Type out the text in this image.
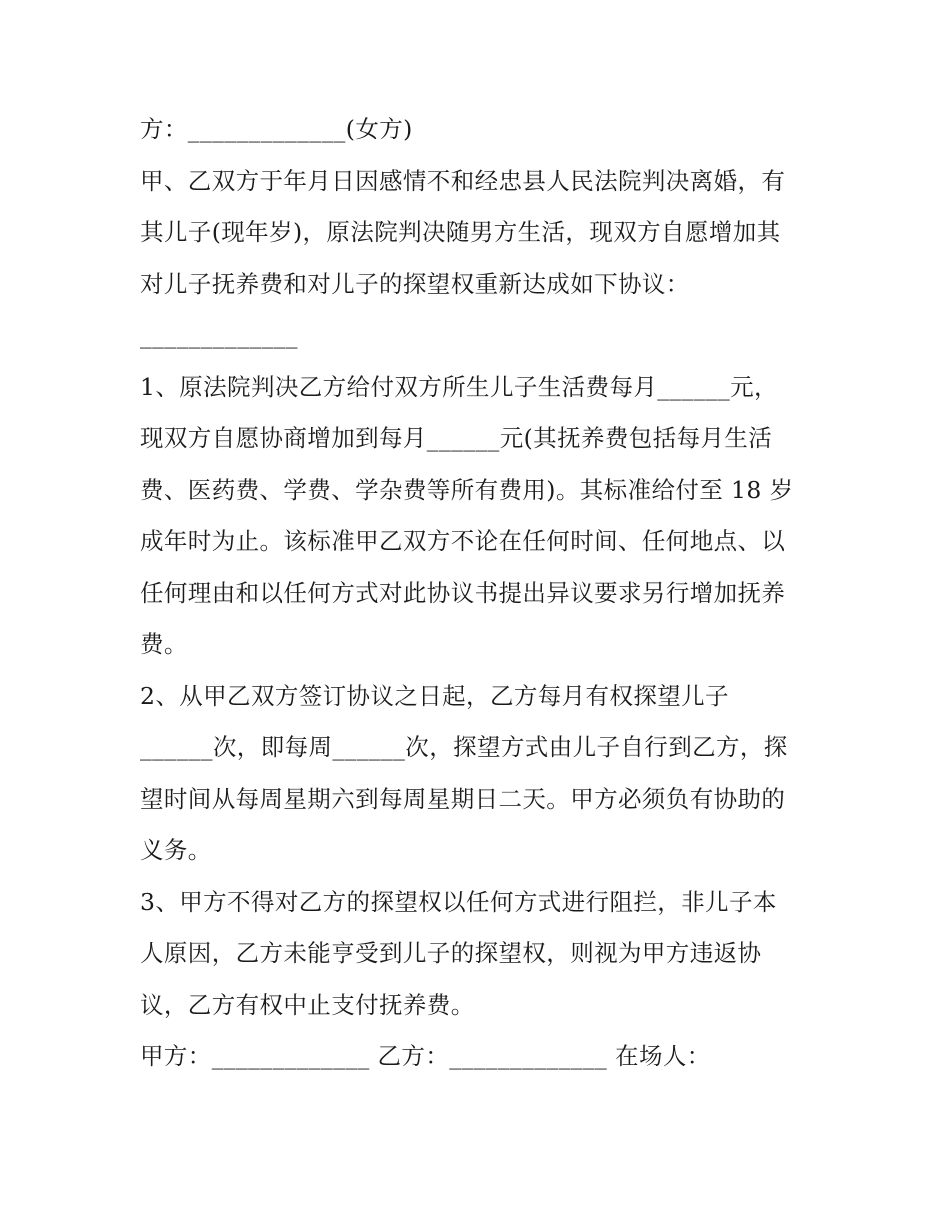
方：_____________(女方)
甲、乙双方于年月日因感情不和经忠县人民法院判决离婚，有
其儿子(现年岁)，原法院判决随男方生活，现双方自愿增加其
对儿子抚养费和对儿子的探望权重新达成如下协议：
_____________
1、原法院判决乙方给付双方所生儿子生活费每月______元，
现双方自愿协商增加到每月______元(其抚养费包括每月生活
费、医药费、学费、学杂费等所有费用)。其标准给付至 18 岁
成年时为止。该标准甲乙双方不论在任何时间、任何地点、以
任何理由和以任何方式对此协议书提出异议要求另行增加抚养
费。
2、从甲乙双方签订协议之日起，乙方每月有权探望儿子
______次，即每周______次，探望方式由儿子自行到乙方，探
望时间从每周星期六到每周星期日二天。甲方必须负有协助的
义务。
3、甲方不得对乙方的探望权以任何方式进行阻拦，非儿子本
人原因，乙方未能亨受到儿子的探望权，则视为甲方违返协
议，乙方有权中止支付抚养费。
甲方：_____________ 乙方：_____________ 在场人：
